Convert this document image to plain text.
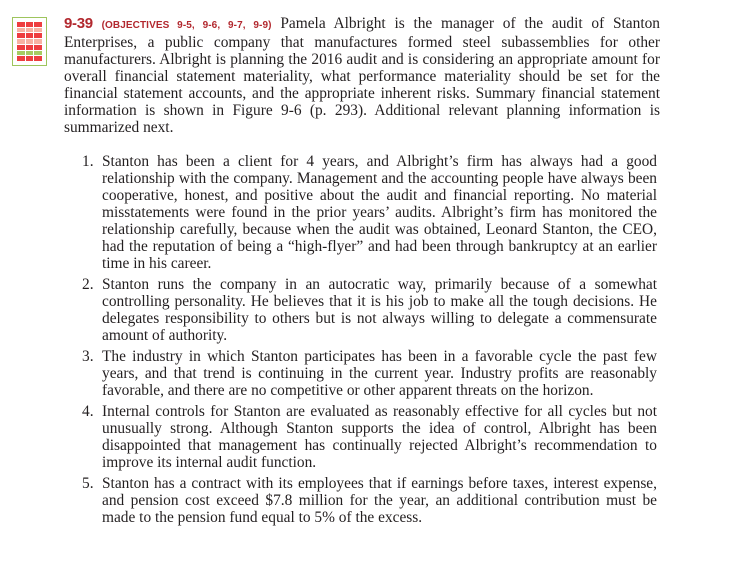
9-39 (OBJECTIVES 9-5, 9-6, 9-7, 9-9) Pamela Albright is the manager of the audit of Stanton Enterprises, a public company that manufactures formed steel subassemblies for other manufacturers. Albright is planning the 2016 audit and is considering an appropriate amount for overall financial statement materiality, what performance materiality should be set for the financial statement accounts, and the appropriate inherent risks. Summary financial statement information is shown in Figure 9-6 (p. 293). Additional relevant planning information is summarized next.
1. Stanton has been a client for 4 years, and Albright’s firm has always had a good relationship with the company. Management and the accounting people have always been cooperative, honest, and positive about the audit and financial reporting. No material misstatements were found in the prior years’ audits. Albright’s firm has monitored the relationship carefully, because when the audit was obtained, Leonard Stanton, the CEO, had the reputation of being a “high-flyer” and had been through bankruptcy at an earlier time in his career.
2. Stanton runs the company in an autocratic way, primarily because of a somewhat controlling personality. He believes that it is his job to make all the tough decisions. He delegates responsibility to others but is not always willing to delegate a commensurate amount of authority.
3. The industry in which Stanton participates has been in a favorable cycle the past few years, and that trend is continuing in the current year. Industry profits are reasonably favorable, and there are no competitive or other apparent threats on the horizon.
4. Internal controls for Stanton are evaluated as reasonably effective for all cycles but not unusually strong. Although Stanton supports the idea of control, Albright has been disappointed that management has continually rejected Albright’s recommendation to improve its internal audit function.
5. Stanton has a contract with its employees that if earnings before taxes, interest expense, and pension cost exceed $7.8 million for the year, an additional contribution must be made to the pension fund equal to 5% of the excess.
